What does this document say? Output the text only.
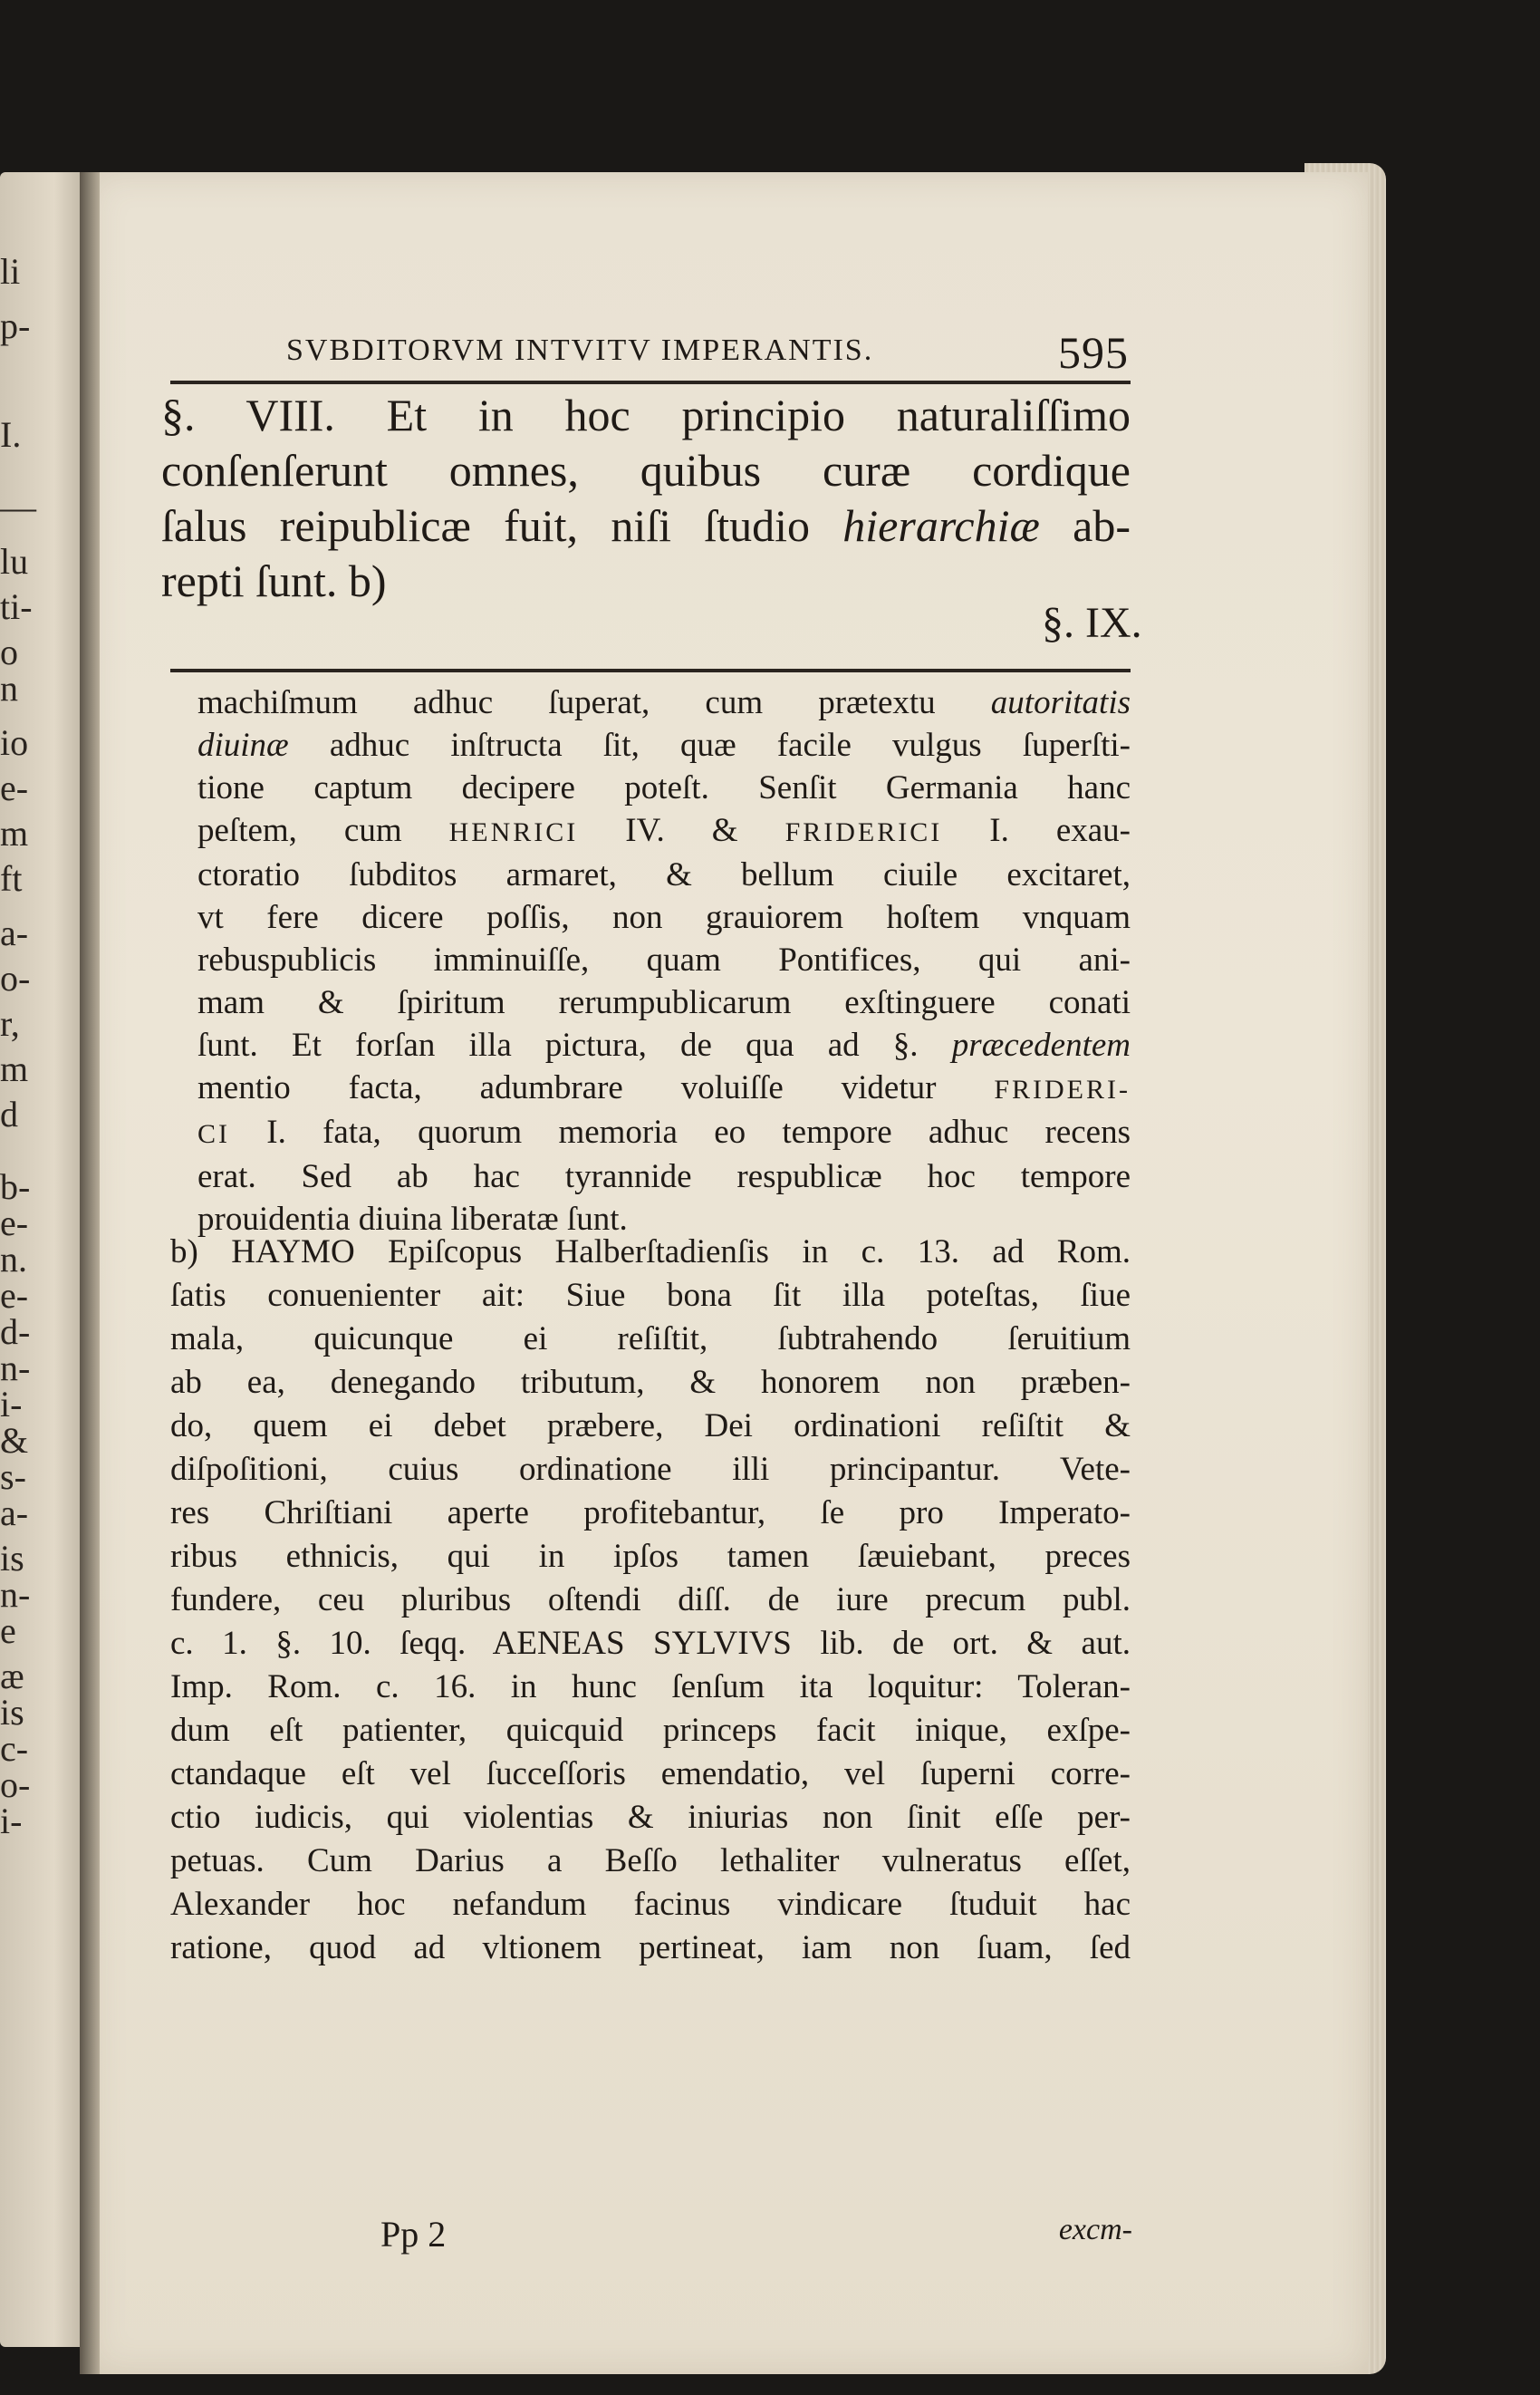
li
p-
I.
—
lu
ti-
o
n
io
e-
m
ft
a-
o-
r,
m
d
b-
e-
n.
e-
d-
n-
i-
&
s-
a-
is
n-
e
æ
is
c-
o-
i-
SVBDITORVM INTVITV IMPERANTIS.	595
§. VIII. Et in hoc principio naturaliſſimo
conſenſerunt omnes, quibus curæ cordique
ſalus reipublicæ fuit, niſi ſtudio hierarchiæ ab-
repti ſunt. b)
§. IX.
machiſmum adhuc ſuperat, cum prætextu autoritatis
diuinæ adhuc inſtructa ſit, quæ facile vulgus ſuperſti-
tione captum decipere poteſt. Senſit Germania hanc
peſtem, cum HENRICI IV. & FRIDERICI I. exau-
ctoratio ſubditos armaret, & bellum ciuile excitaret,
vt fere dicere poſſis, non grauiorem hoſtem vnquam
rebuspublicis imminuiſſe, quam Pontifices, qui ani-
mam & ſpiritum rerumpublicarum exſtinguere conati
ſunt. Et forſan illa pictura, de qua ad §. præcedentem
mentio facta, adumbrare voluiſſe videtur FRIDERI-
CI I. fata, quorum memoria eo tempore adhuc recens
erat. Sed ab hac tyrannide respublicæ hoc tempore
prouidentia diuina liberatæ ſunt.
b) HAYMO Epiſcopus Halberſtadienſis in c. 13. ad Rom.
ſatis conuenienter ait: Siue bona ſit illa poteſtas, ſiue
mala, quicunque ei reſiſtit, ſubtrahendo ſeruitium
ab ea, denegando tributum, & honorem non præben-
do, quem ei debet præbere, Dei ordinationi reſiſtit &
diſpoſitioni, cuius ordinatione illi principantur. Vete-
res Chriſtiani aperte profitebantur, ſe pro Imperato-
ribus ethnicis, qui in ipſos tamen ſæuiebant, preces
fundere, ceu pluribus oſtendi diſſ. de iure precum publ.
c. 1. §. 10. ſeqq. AENEAS SYLVIVS lib. de ort. & aut.
Imp. Rom. c. 16. in hunc ſenſum ita loquitur: Toleran-
dum eſt patienter, quicquid princeps facit inique, exſpe-
ctandaque eſt vel ſucceſſoris emendatio, vel ſuperni corre-
ctio iudicis, qui violentias & iniurias non ſinit eſſe per-
petuas. Cum Darius a Beſſo lethaliter vulneratus eſſet,
Alexander hoc nefandum facinus vindicare ſtuduit hac
ratione, quod ad vltionem pertineat, iam non ſuam, ſed
Pp 2	excm-
